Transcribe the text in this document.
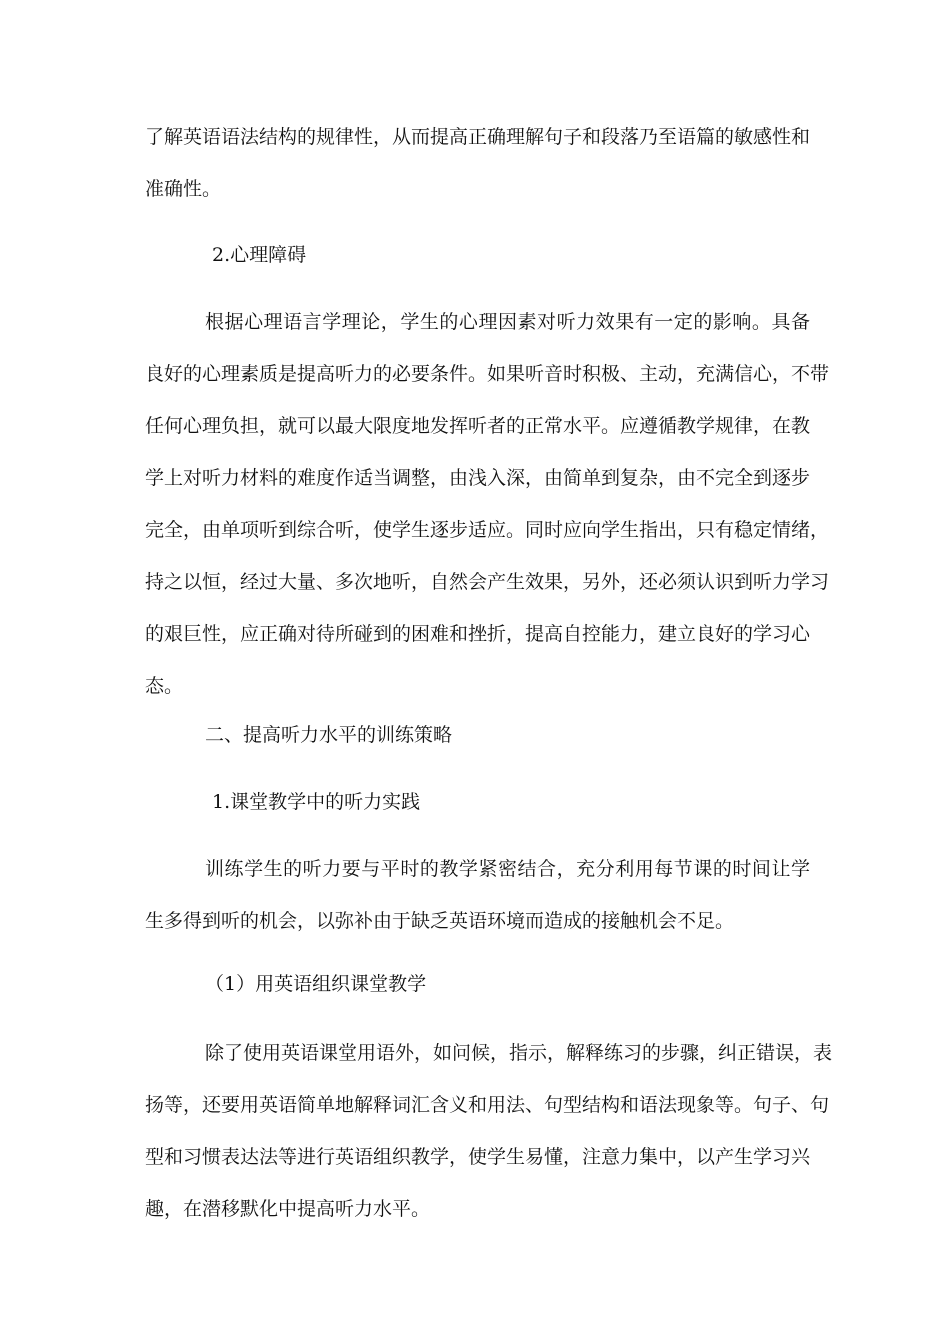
了解英语语法结构的规律性，从而提高正确理解句子和段落乃至语篇的敏感性和
准确性。
2.心理障碍
根据心理语言学理论，学生的心理因素对听力效果有一定的影响。具备
良好的心理素质是提高听力的必要条件。如果听音时积极、主动，充满信心，不带
任何心理负担，就可以最大限度地发挥听者的正常水平。应遵循教学规律，在教
学上对听力材料的难度作适当调整，由浅入深，由简单到复杂，由不完全到逐步
完全，由单项听到综合听，使学生逐步适应。同时应向学生指出，只有稳定情绪，
持之以恒，经过大量、多次地听，自然会产生效果，另外，还必须认识到听力学习
的艰巨性，应正确对待所碰到的困难和挫折，提高自控能力，建立良好的学习心
态。
二、提高听力水平的训练策略
1.课堂教学中的听力实践
训练学生的听力要与平时的教学紧密结合，充分利用每节课的时间让学
生多得到听的机会，以弥补由于缺乏英语环境而造成的接触机会不足。
（1）用英语组织课堂教学
除了使用英语课堂用语外，如问候，指示，解释练习的步骤，纠正错误，表
扬等，还要用英语简单地解释词汇含义和用法、句型结构和语法现象等。句子、句
型和习惯表达法等进行英语组织教学，使学生易懂，注意力集中，以产生学习兴
趣，在潜移默化中提高听力水平。
